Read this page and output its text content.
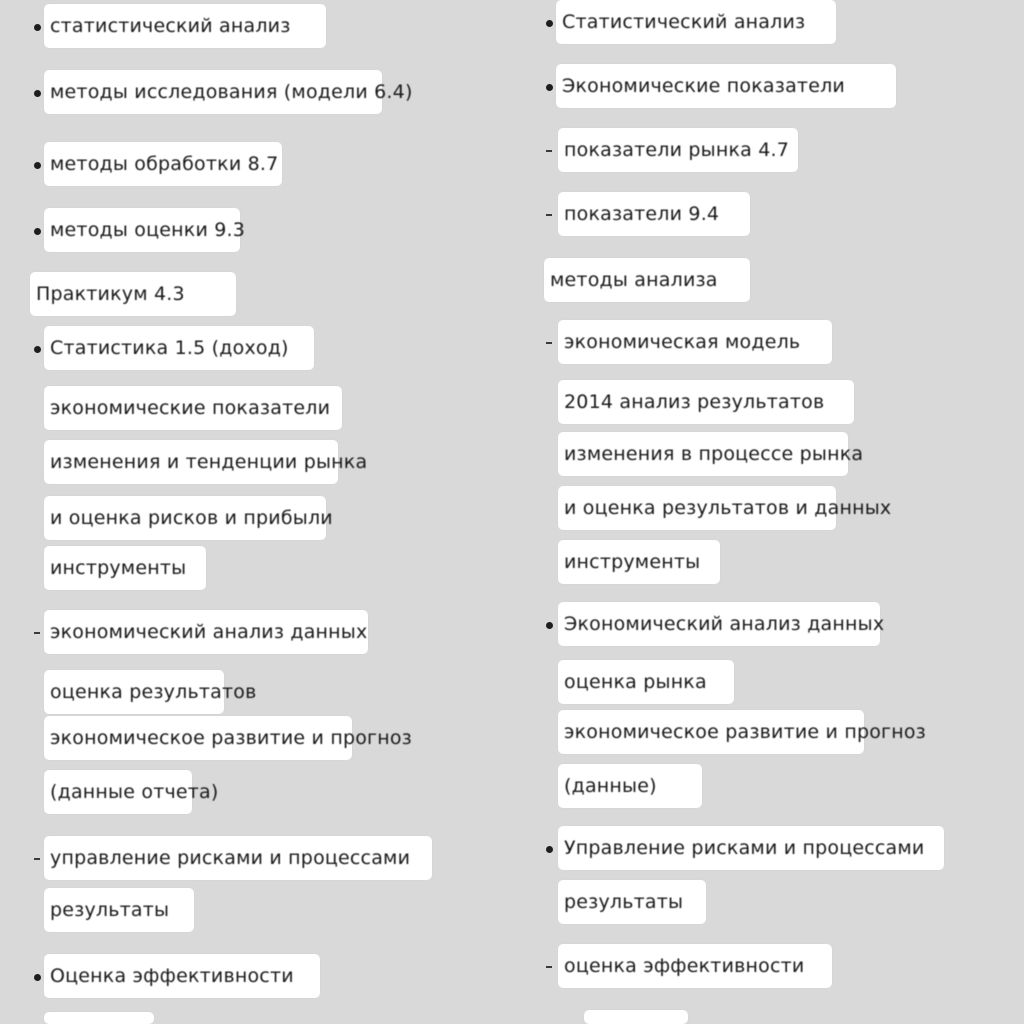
статистический анализ
методы исследования (модели 6.4)
методы обработки 8.7
методы оценки 9.3
Практикум 4.3
Статистика 1.5 (доход)
экономические показатели
изменения и тенденции рынка
и оценка рисков и прибыли
инструменты
экономический анализ данных
оценка результатов
экономическое развитие и прогноз
(данные отчета)
управление рисками и процессами
результаты
Оценка эффективности
Статистический анализ
Экономические показатели
показатели рынка 4.7
показатели 9.4
методы анализа
экономическая модель
2014 анализ результатов
изменения в процессе рынка
и оценка результатов и данных
инструменты
Экономический анализ данных
оценка рынка
экономическое развитие и прогноз
(данные)
Управление рисками и процессами
результаты
оценка эффективности
